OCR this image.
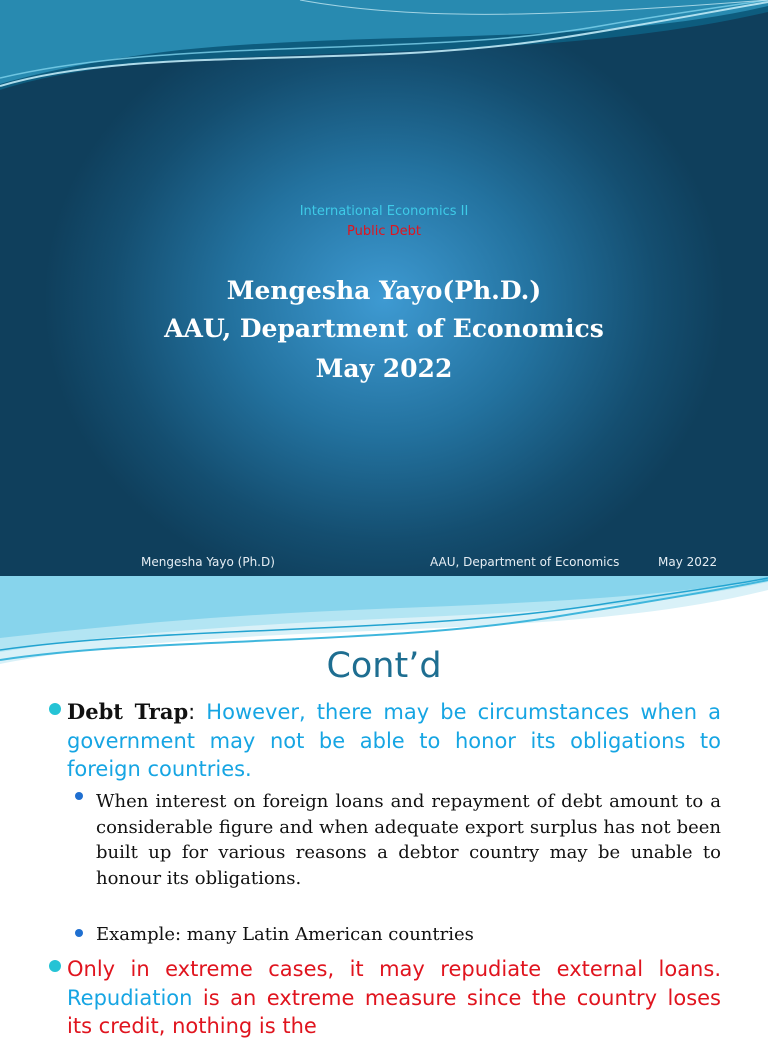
International Economics II
Public Debt
Mengesha Yayo(Ph.D.)
AAU, Department of Economics
May 2022
Mengesha Yayo (Ph.D)	AAU, Department of Economics	May 2022
Cont’d

Debt Trap: However, there may be circumstances when a government may not be able to honor its obligations to foreign countries.

When interest on foreign loans and repayment of debt amount to a considerable figure and when adequate export surplus has not been built up for various reasons a debtor country may be unable to honour its obligations.

Example: many Latin American countries

Only in extreme cases, it may repudiate external loans. Repudiation is an extreme measure since the country loses its credit, nothing is the
